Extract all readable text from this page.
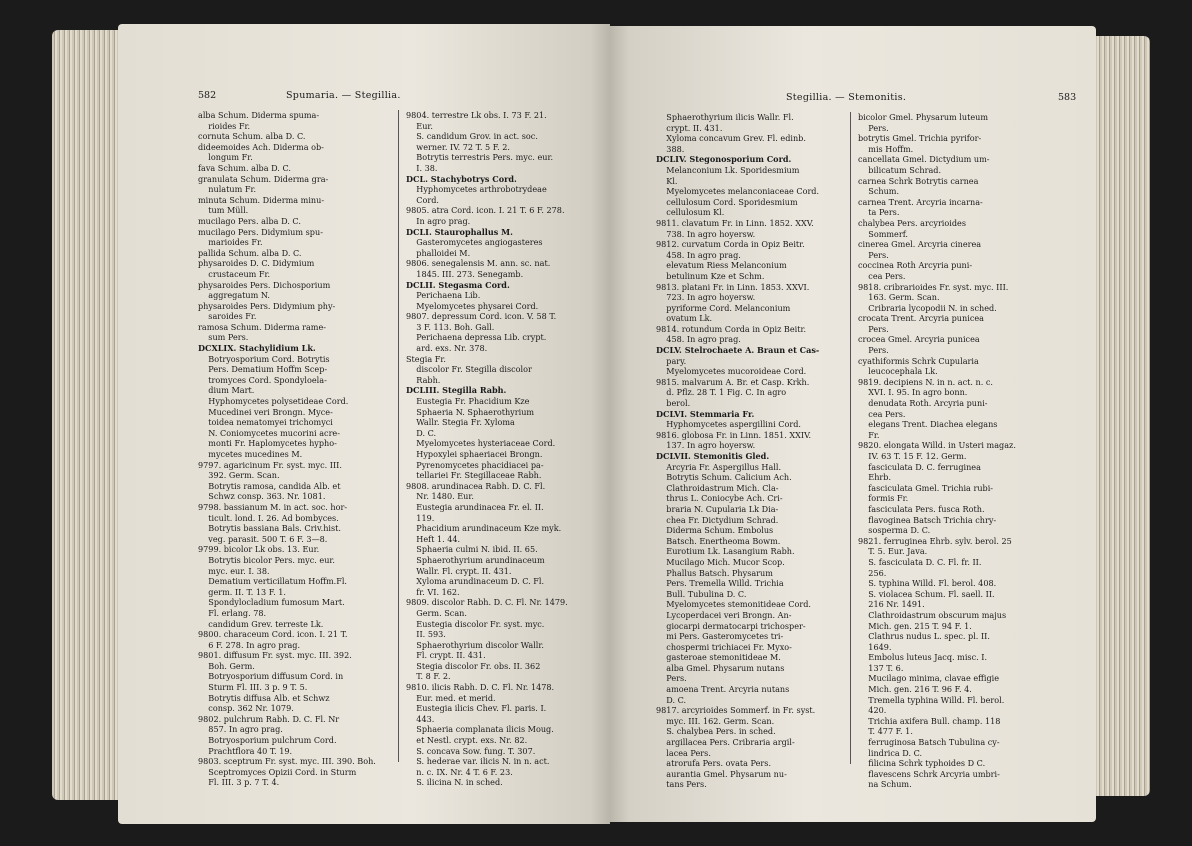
582	Spumaria. — Stegillia.
alba Schum. Diderma spuma-
rioides Fr.
cornuta Schum. alba D. C.
dideemoides Ach. Diderma ob-
longum Fr.
fava Schum. alba D. C.
granulata Schum. Diderma gra-
nulatum Fr.
minuta Schum. Diderma minu-
tum Müll.
mucilago Pers. alba D. C.
mucilago Pers. Didymium spu-
marioides Fr.
pallida Schum. alba D. C.
physaroides D. C. Didymium
crustaceum Fr.
physaroides Pers. Dichosporium
aggregatum N.
physaroides Pers. Didymium phy-
saroides Fr.
ramosa Schum. Diderma rame-
sum Pers.
DCXLIX. Stachylidium Lk.
Botryosporium Cord. Botrytis
Pers. Dematium Hoffm Scep-
tromyces Cord. Spondyloela-
dium Mart.
Hyphomycetes polysetideae Cord.
Mucedinei veri Brongn. Myce-
toidea nematomyei trichomyci
N. Coniomycetes mucorini acre-
monti Fr. Haplomycetes hypho-
mycetes mucedines M.
9797. agaricinum Fr. syst. myc. III.
392. Germ. Scan.
Botrytis ramosa, candida Alb. et
Schwz consp. 363. Nr. 1081.
9798. bassianum M. in act. soc. hor-
ticult. lond. I. 26. Ad bombyces.
Botrytis bassiana Bals. Criv.hist.
veg. parasit. 500 T. 6 F. 3—8.
9799. bicolor Lk obs. 13. Eur.
Botrytis bicolor Pers. myc. eur.
myc. eur. I. 38.
Dematium verticillatum Hoffm.Fl.
germ. II. T. 13 F. 1.
Spondylocladium fumosum Mart.
Fl. erlang. 78.
candidum Grev. terreste Lk.
9800. characeum Cord. icon. I. 21 T.
6 F. 278. In agro prag.
9801. diffusum Fr. syst. myc. III. 392.
Boh. Germ.
Botryosporium diffusum Cord. in
Sturm Fl. III. 3 p. 9 T. 5.
Botrytis diffusa Alb. et Schwz
consp. 362 Nr. 1079.
9802. pulchrum Rabh. D. C. Fl. Nr
857. In agro prag.
Botryosporium pulchrum Cord.
Prachtflora 40 T. 19.
9803. sceptrum Fr. syst. myc. III. 390. Boh.
Sceptromyces Opizii Cord. in Sturm
Fl. III. 3 p. 7 T. 4.
9804. terrestre Lk obs. I. 73 F. 21.
Eur.
S. candidum Grov. in act. soc.
werner. IV. 72 T. 5 F. 2.
Botrytis terrestris Pers. myc. eur.
I. 38.
DCL. Stachybotrys Cord.
Hyphomycetes arthrobotrydeae
Cord.
9805. atra Cord. icon. I. 21 T. 6 F. 278.
In agro prag.
DCLI. Staurophallus M.
Gasteromycetes angiogasteres
phalloidei M.
9806. senegalensis M. ann. sc. nat.
1845. III. 273. Senegamb.
DCLII. Stegasma Cord.
Perichaena Lib.
Myelomycetes physarei Cord.
9807. depressum Cord. icon. V. 58 T.
3 F. 113. Boh. Gall.
Perichaena depressa Lib. crypt.
ard. exs. Nr. 378.
Stegia Fr.
discolor Fr. Stegilla discolor
Rabh.
DCLIII. Stegilla Rabh.
Eustegia Fr. Phacidium Kze
Sphaeria N. Sphaerothyrium
Wallr. Stegia Fr. Xyloma
D. C.
Myelomycetes hysteriaceae Cord.
Hypoxylei sphaeriacei Brongn.
Pyrenomycetes phacidiacei pa-
tellariei Fr. Stegillaceae Rabh.
9808. arundinacea Rabh. D. C. Fl.
Nr. 1480. Eur.
Eustegia arundinacea Fr. el. II.
119.
Phacidium arundinaceum Kze myk.
Heft 1. 44.
Sphaeria culmi N. ibid. II. 65.
Sphaerothyrium arundinaceum
Wallr. Fl. crypt. II. 431.
Xyloma arundinaceum D. C. Fl.
fr. VI. 162.
9809. discolor Rabh. D. C. Fl. Nr. 1479.
Germ. Scan.
Eustegia discolor Fr. syst. myc.
II. 593.
Sphaerothyrium discolor Wallr.
Fl. crypt. II. 431.
Stegia discolor Fr. obs. II. 362
T. 8 F. 2.
9810. ilicis Rabh. D. C. Fl. Nr. 1478.
Eur. med. et merid.
Eustegia ilicis Chev. Fl. paris. I.
443.
Sphaeria complanata ilicis Moug.
et Nestl. crypt. exs. Nr. 82.
S. concava Sow. fung. T. 307.
S. hederae var. ilicis N. in n. act.
n. c. IX. Nr. 4 T. 6 F. 23.
S. ilicina N. in sched.
Stegillia. — Stemonitis.	583
Sphaerothyrium ilicis Wallr. Fl.
crypt. II. 431.
Xyloma concavum Grev. Fl. edinb.
388.
DCLIV. Stegonosporium Cord.
Melanconium Lk. Sporidesmium
Kl.
Myelomycetes melanconiaceae Cord.
cellulosum Cord. Sporidesmium
cellulosum Kl.
9811. clavatum Fr. in Linn. 1852. XXV.
738. In agro hoyersw.
9812. curvatum Corda in Opiz Beitr.
458. In agro prag.
elevatum Riess Melanconium
betulinum Kze et Schm.
9813. platani Fr. in Linn. 1853. XXVI.
723. In agro hoyersw.
pyriforme Cord. Melanconium
ovatum Lk.
9814. rotundum Corda in Opiz Beitr.
458. In agro prag.
DCLV. Stelrochaete A. Braun et Cas-
pary.
Myelomycetes mucoroideae Cord.
9815. malvarum A. Br. et Casp. Krkh.
d. Pflz. 28 T. 1 Fig. C. In agro
berol.
DCLVI. Stemmaria Fr.
Hyphomycetes aspergillini Cord.
9816. globosa Fr. in Linn. 1851. XXIV.
137. In agro hoyersw.
DCLVII. Stemonitis Gled.
Arcyria Fr. Aspergillus Hall.
Botrytis Schum. Calicium Ach.
Clathroidastrum Mich. Cla-
thrus L. Coniocybe Ach. Cri-
braria N. Cupularia Lk Dia-
chea Fr. Dictydium Schrad.
Diderma Schum. Embolus
Batsch. Enertheoma Bowm.
Eurotium Lk. Lasangium Rabh.
Mucilago Mich. Mucor Scop.
Phallus Batsch. Physarum
Pers. Tremella Willd. Trichia
Bull. Tubulina D. C.
Myelomycetes stemonitideae Cord.
Lycoperdacei veri Brongn. An-
giocarpi dermatocarpi trichosper-
mi Pers. Gasteromycetes tri-
chospermi trichiacei Fr. Myxo-
gasteroae stemonitideae M.
alba Gmel. Physarum nutans
Pers.
amoena Trent. Arcyria nutans
D. C.
9817. arcyrioides Sommerf. in Fr. syst.
myc. III. 162. Germ. Scan.
S. chalybea Pers. in sched.
argillacea Pers. Cribraria argil-
lacea Pers.
atrorufa Pers. ovata Pers.
aurantia Gmel. Physarum nu-
tans Pers.
bicolor Gmel. Physarum luteum
Pers.
botrytis Gmel. Trichia pyrifor-
mis Hoffm.
cancellata Gmel. Dictydium um-
bilicatum Schrad.
carnea Schrk Botrytis carnea
Schum.
carnea Trent. Arcyria incarna-
ta Pers.
chalybea Pers. arcyrioides
Sommerf.
cinerea Gmel. Arcyria cinerea
Pers.
coccinea Roth Arcyria puni-
cea Pers.
9818. cribrarioides Fr. syst. myc. III.
163. Germ. Scan.
Cribraria lycopodii N. in sched.
crocata Trent. Arcyria punicea
Pers.
crocea Gmel. Arcyria punicea
Pers.
cyathiformis Schrk Cupularia
leucocephala Lk.
9819. decipiens N. in n. act. n. c.
XVI. I. 95. In agro bonn.
denudata Roth. Arcyria puni-
cea Pers.
elegans Trent. Diachea elegans
Fr.
9820. elongata Willd. in Usteri magaz.
IV. 63 T. 15 F. 12. Germ.
fasciculata D. C. ferruginea
Ehrb.
fasciculata Gmel. Trichia rubi-
formis Fr.
fasciculata Pers. fusca Roth.
flavoginea Batsch Trichia chry-
sosperma D. C.
9821. ferruginea Ehrb. sylv. berol. 25
T. 5. Eur. Java.
S. fasciculata D. C. Fl. fr. II.
256.
S. typhina Willd. Fl. berol. 408.
S. violacea Schum. Fl. saell. II.
216 Nr. 1491.
Clathroidastrum obscurum majus
Mich. gen. 215 T. 94 F. 1.
Clathrus nudus L. spec. pl. II.
1649.
Embolus luteus Jacq. misc. I.
137 T. 6.
Mucilago minima, clavae effigie
Mich. gen. 216 T. 96 F. 4.
Tremella typhina Willd. Fl. berol.
420.
Trichia axifera Bull. champ. 118
T. 477 F. 1.
ferruginosa Batsch Tubulina cy-
lindrica D. C.
filicina Schrk typhoides D C.
flavescens Schrk Arcyria umbri-
na Schum.
